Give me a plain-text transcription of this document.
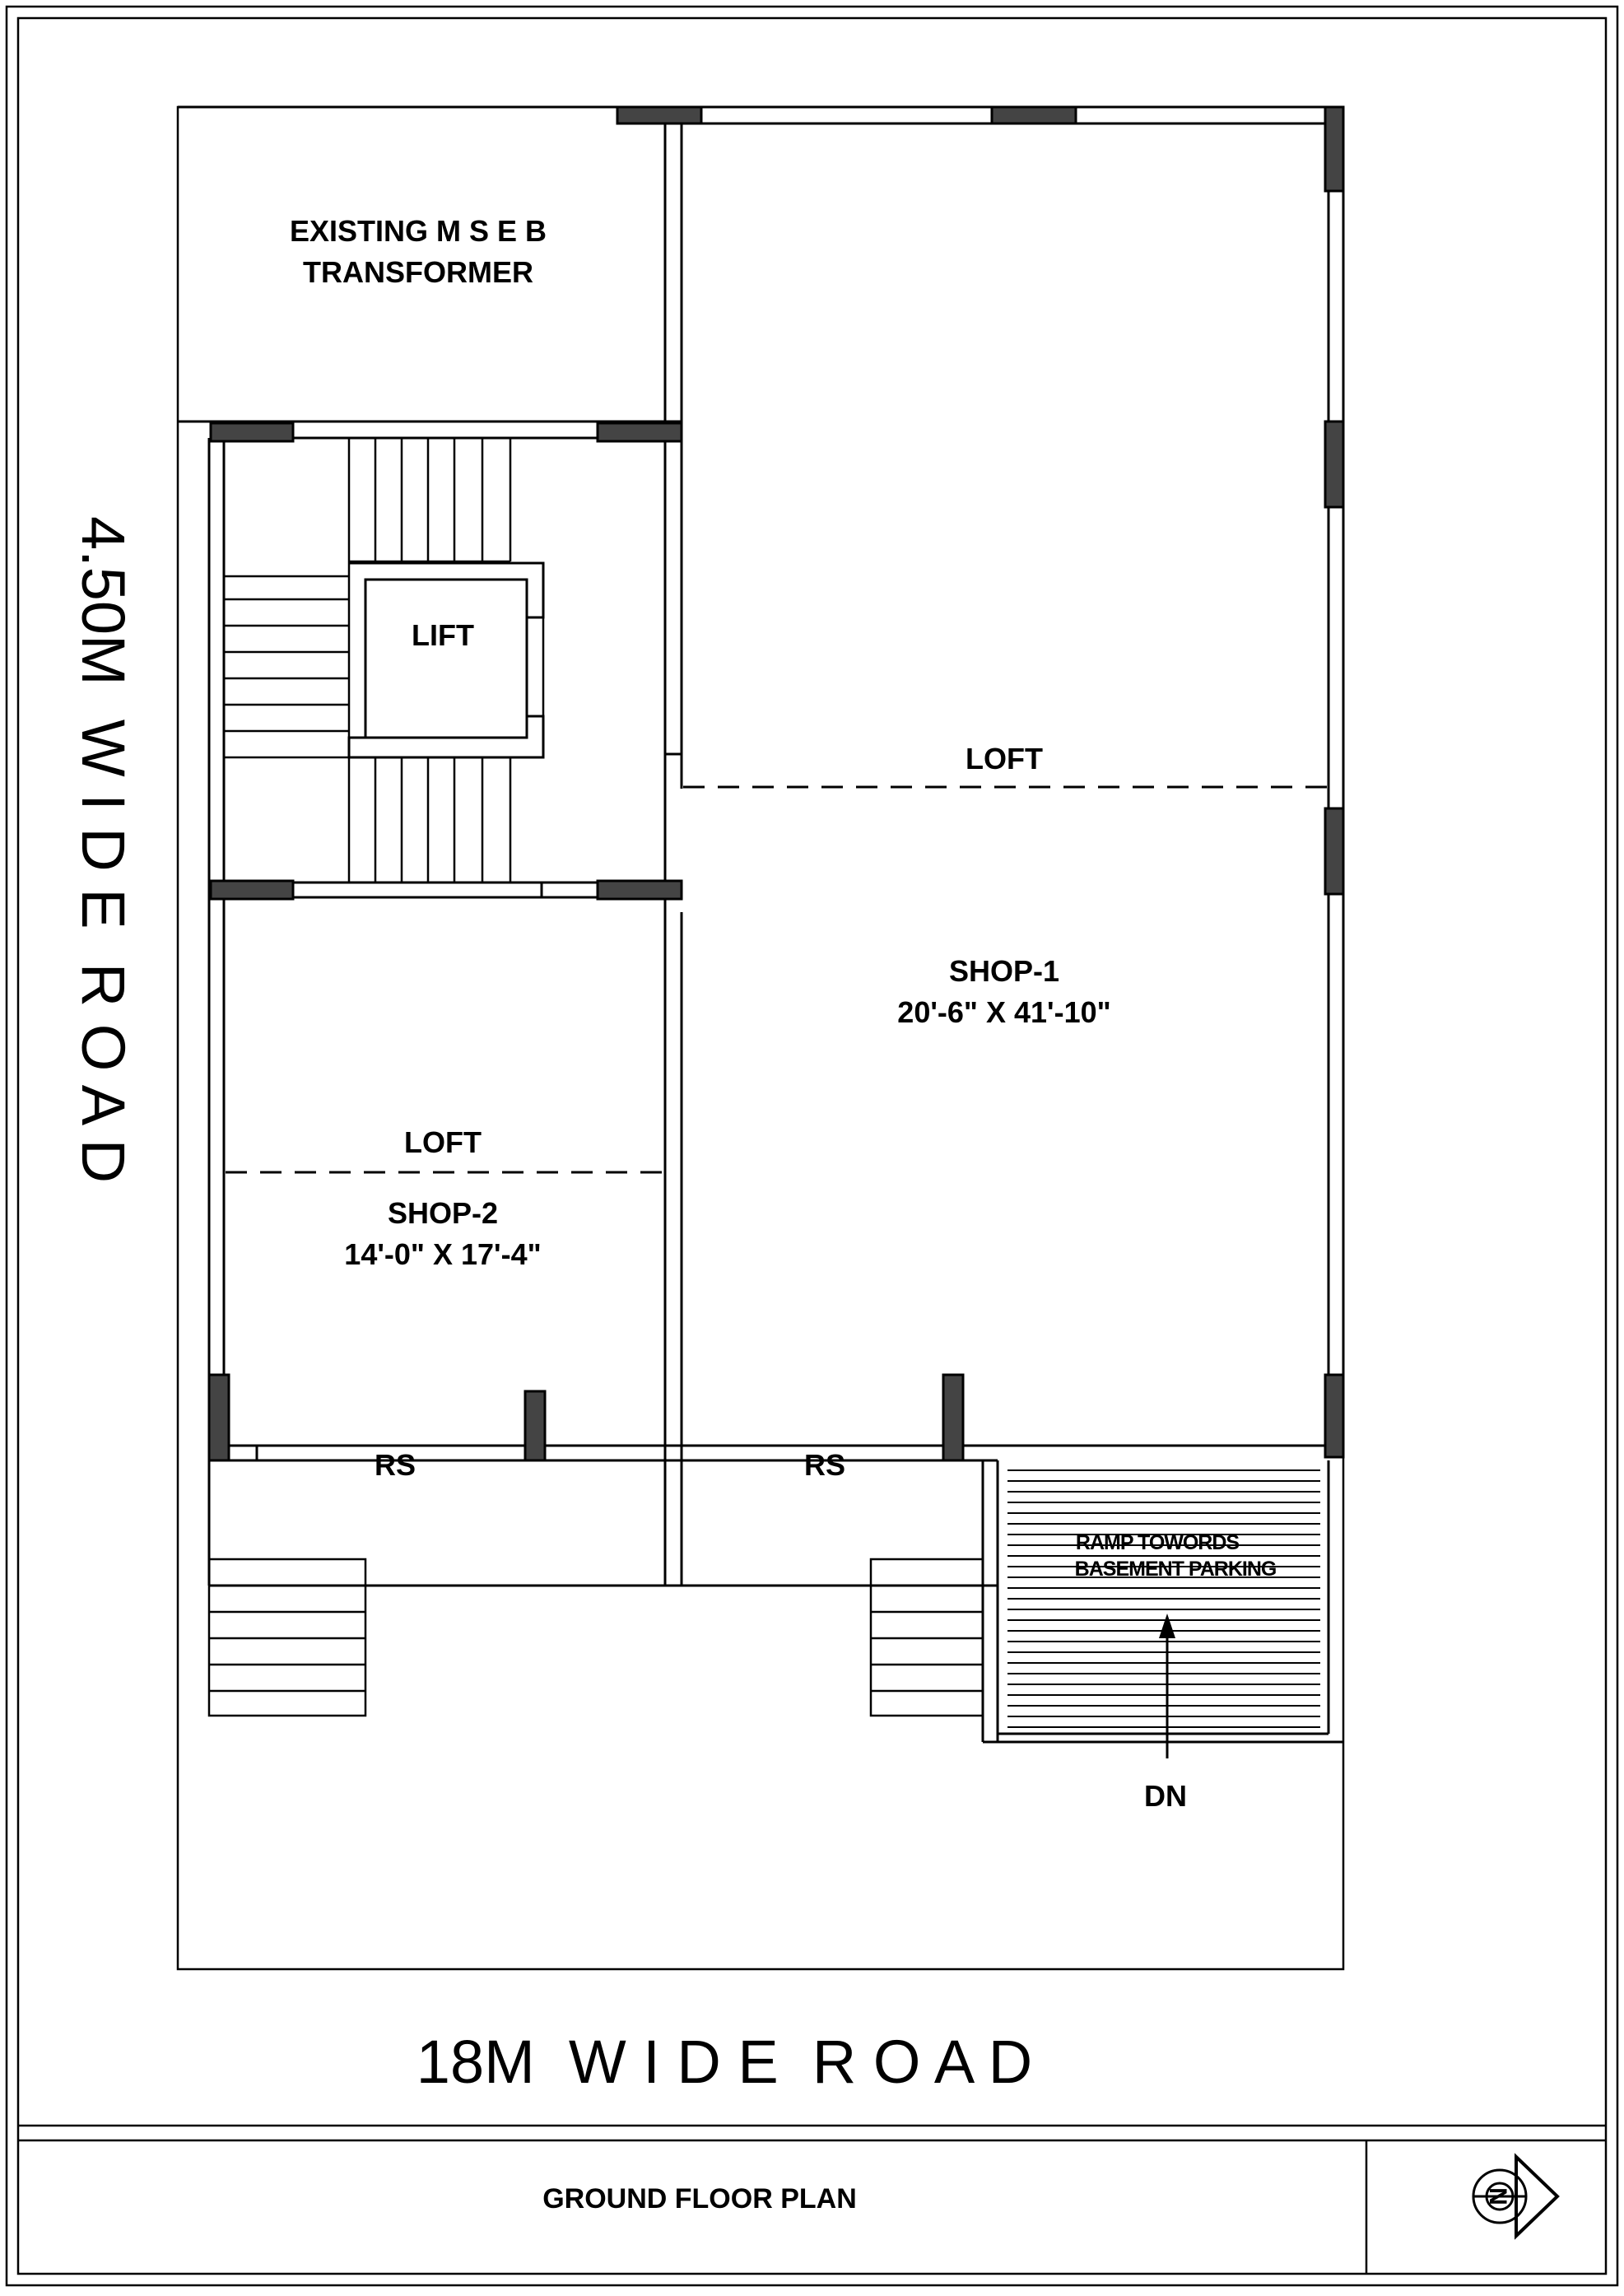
N
EXISTING M S E B
TRANSFORMER
LIFT
LOFT
SHOP-1
20'-6" X 41'-10"
LOFT
SHOP-2
14'-0" X 17'-4"
RS	RS
RAMP TOWORDS
BASEMENT PARKING
DN
18M  W I D E  R O A D
4.50M  W I D E  R O A D
GROUND FLOOR PLAN
